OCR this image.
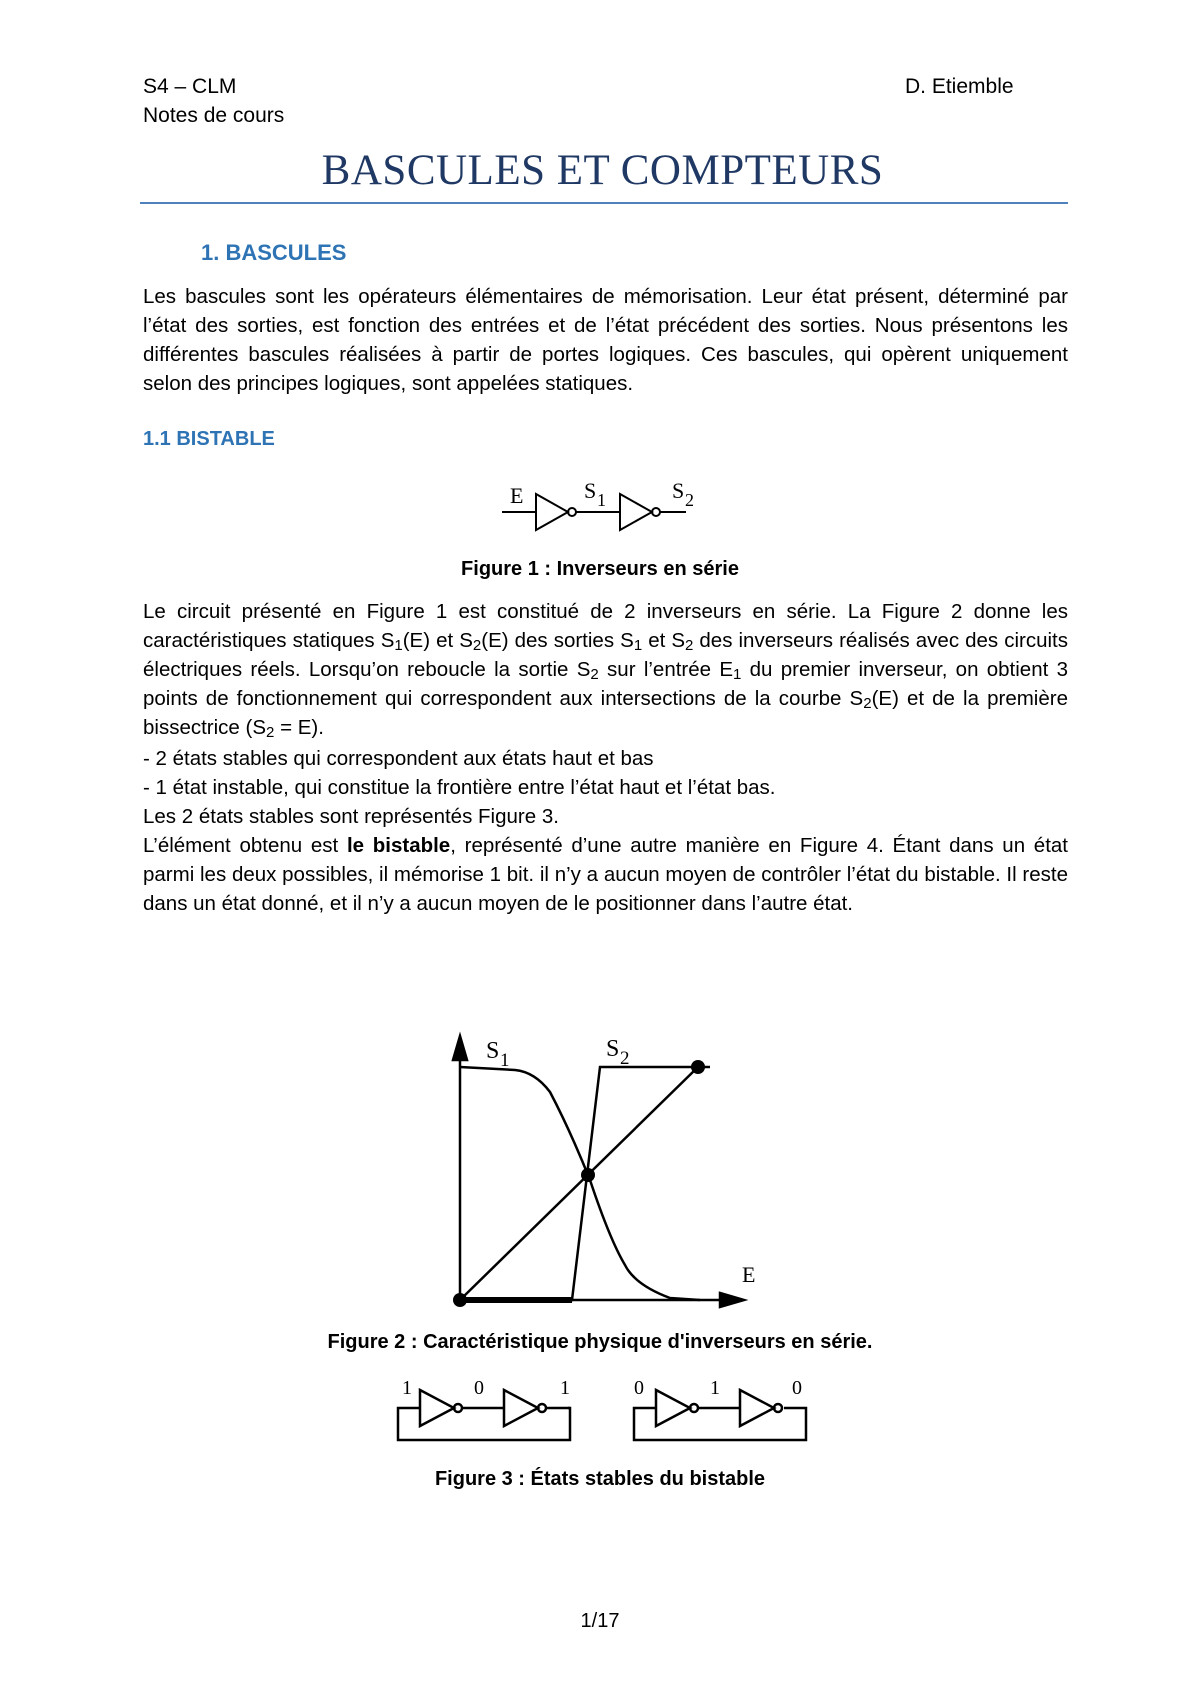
S4 – CLM
Notes de cours
D. Etiemble
BASCULES ET COMPTEURS
1. BASCULES

Les bascules sont les opérateurs élémentaires de mémorisation. Leur état présent, déterminé par l’état des sorties, est fonction des entrées et de l’état précédent des sorties. Nous présentons les différentes bascules réalisées à partir de portes logiques. Ces bascules, qui opèrent uniquement selon des principes logiques, sont appelées statiques.

1.1 BISTABLE
E	S 1	S 2
Figure 1 : Inverseurs en série

Le circuit présenté en Figure 1 est constitué de 2 inverseurs en série. La Figure 2 donne les caractéristiques statiques $S_1(E)$ et $S_2(E)$ des sorties $S_1$ et $S_2$ des inverseurs réalisés avec des circuits électriques réels. Lorsqu’on reboucle la sortie $S_2$ sur l’entrée $E_1$ du premier inverseur, on obtient 3 points de fonctionnement qui correspondent aux intersections de la courbe $S_2(E)$ et de la première bissectrice $(S_2 = E)$.

- 2 états stables qui correspondent aux états haut et bas

- 1 état instable, qui constitue la frontière entre l’état haut et l’état bas.

Les 2 états stables sont représentés Figure 3.

L’élément obtenu est le bistable, représenté d’une autre manière en Figure 4. Étant dans un état parmi les deux possibles, il mémorise 1 bit. il n’y a aucun moyen de contrôler l’état du bistable. Il reste dans un état donné, et il n’y a aucun moyen de le positionner dans l’autre état.

S 1	S 2
E
Figure 2 : Caractéristique physique d'inverseurs en série.
1	0	1	0	1	0
Figure 3 : États stables du bistable
1/17
